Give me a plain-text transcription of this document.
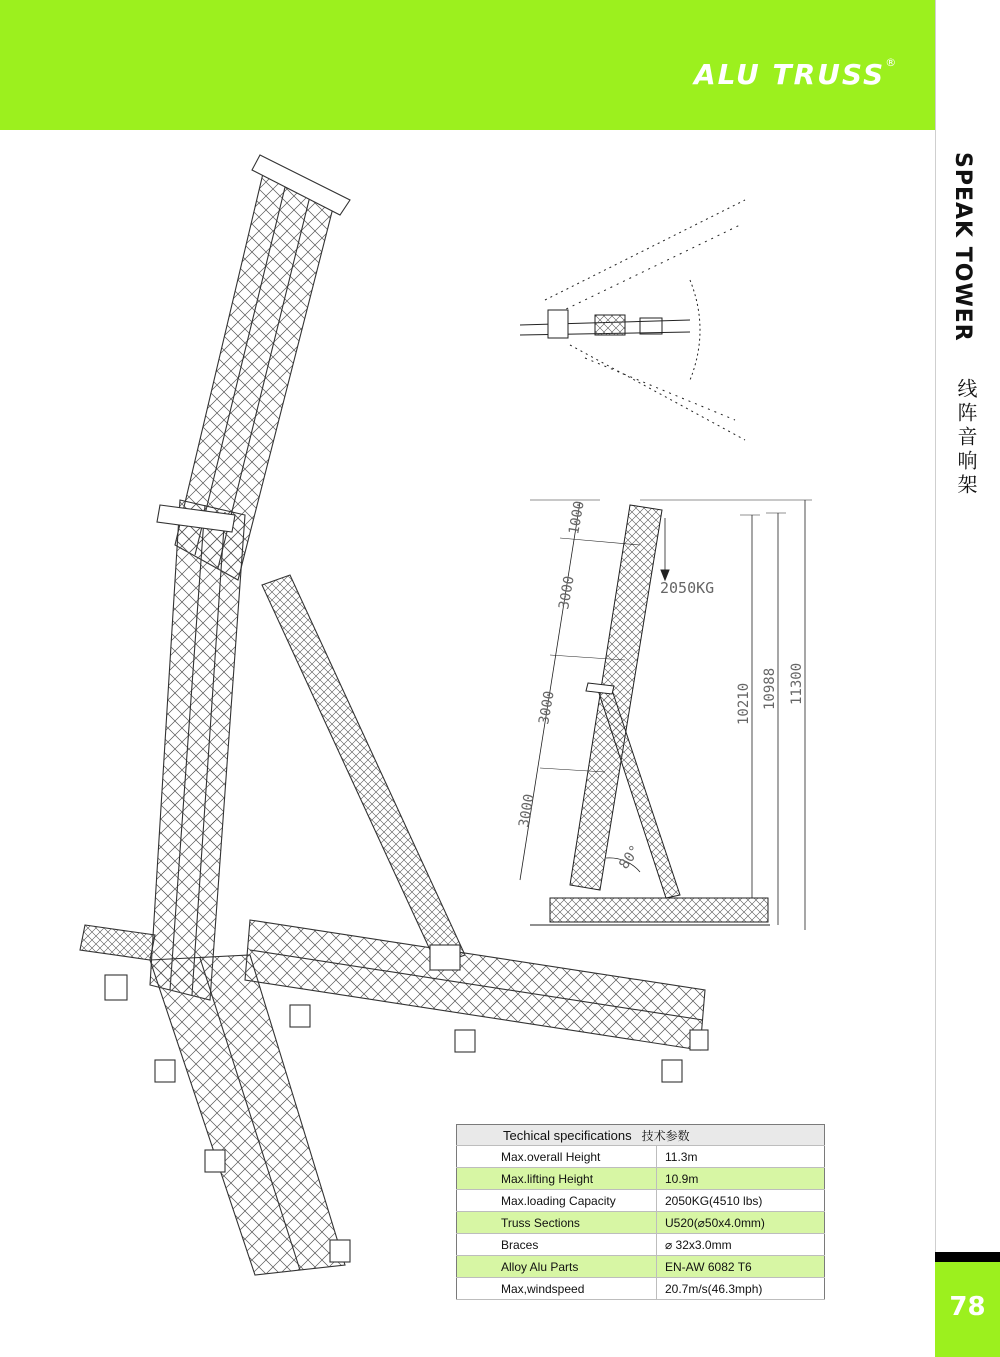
ALU TRUSS®
SPEAK TOWER
线阵音响架
78
2050KG
1000
3000
3000
3000
10210 10988 11300
80°
Techical specifications 技术参数	
Max.overall Height	11.3m
Max.lifting Height	10.9m
Max.loading Capacity	2050KG(4510 lbs)
Truss Sections	U520(⌀50x4.0mm)
Braces	⌀ 32x3.0mm
Alloy Alu Parts	EN-AW 6082 T6
Max,windspeed	20.7m/s(46.3mph)
